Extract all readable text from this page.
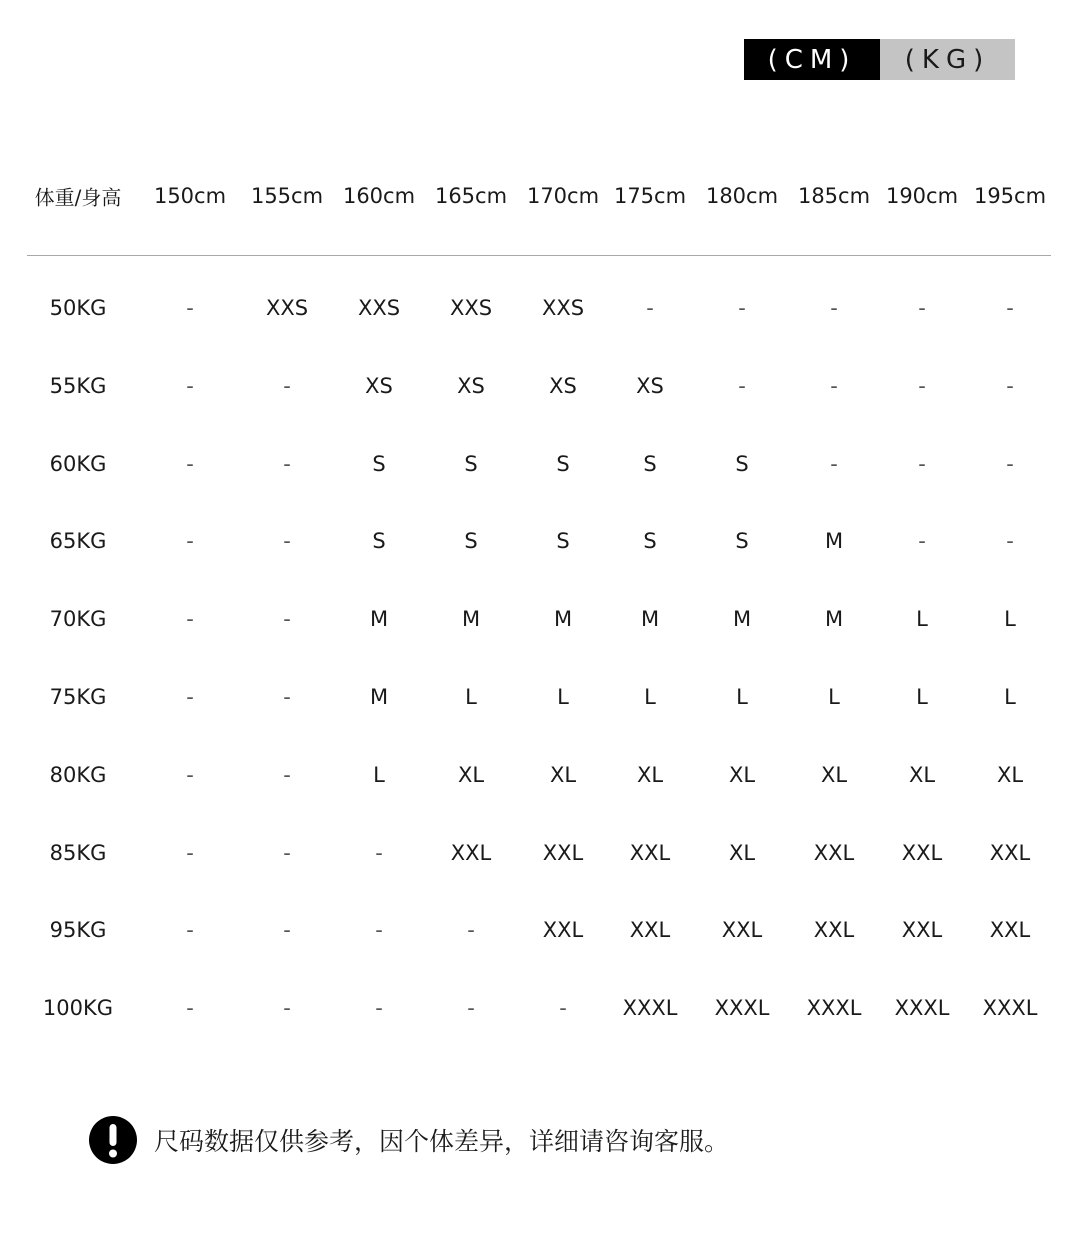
(CM)	(KG)
体重/身高 150cm 155cm 160cm 165cm 170cm 175cm 180cm 185cm 190cm 195cm
50KG	-	XXS XXS XXS XXS	-	-	-	-	-
55KG	-	-	XS	XS	XS	XS	-	-	-	-
60KG	-	-	S	S	S	S	S	-	-	-
65KG	-	-	S	S	S	S	S	M	-	-
70KG	-	-	M	M	M	M	M	M	L	L
75KG	-	-	M	L	L	L	L	L	L	L
80KG	-	-	L	XL	XL	XL	XL	XL	XL	XL
85KG	-	-	-	XXL XXL XXL	XL	XXL XXL XXL
95KG	-	-	-	-	XXL XXL XXL XXL XXL XXL
100KG	-	-	-	-	-	XXXL XXXL XXXL XXXL XXXL
尺码数据仅供参考，因个体差异，详细请咨询客服。
